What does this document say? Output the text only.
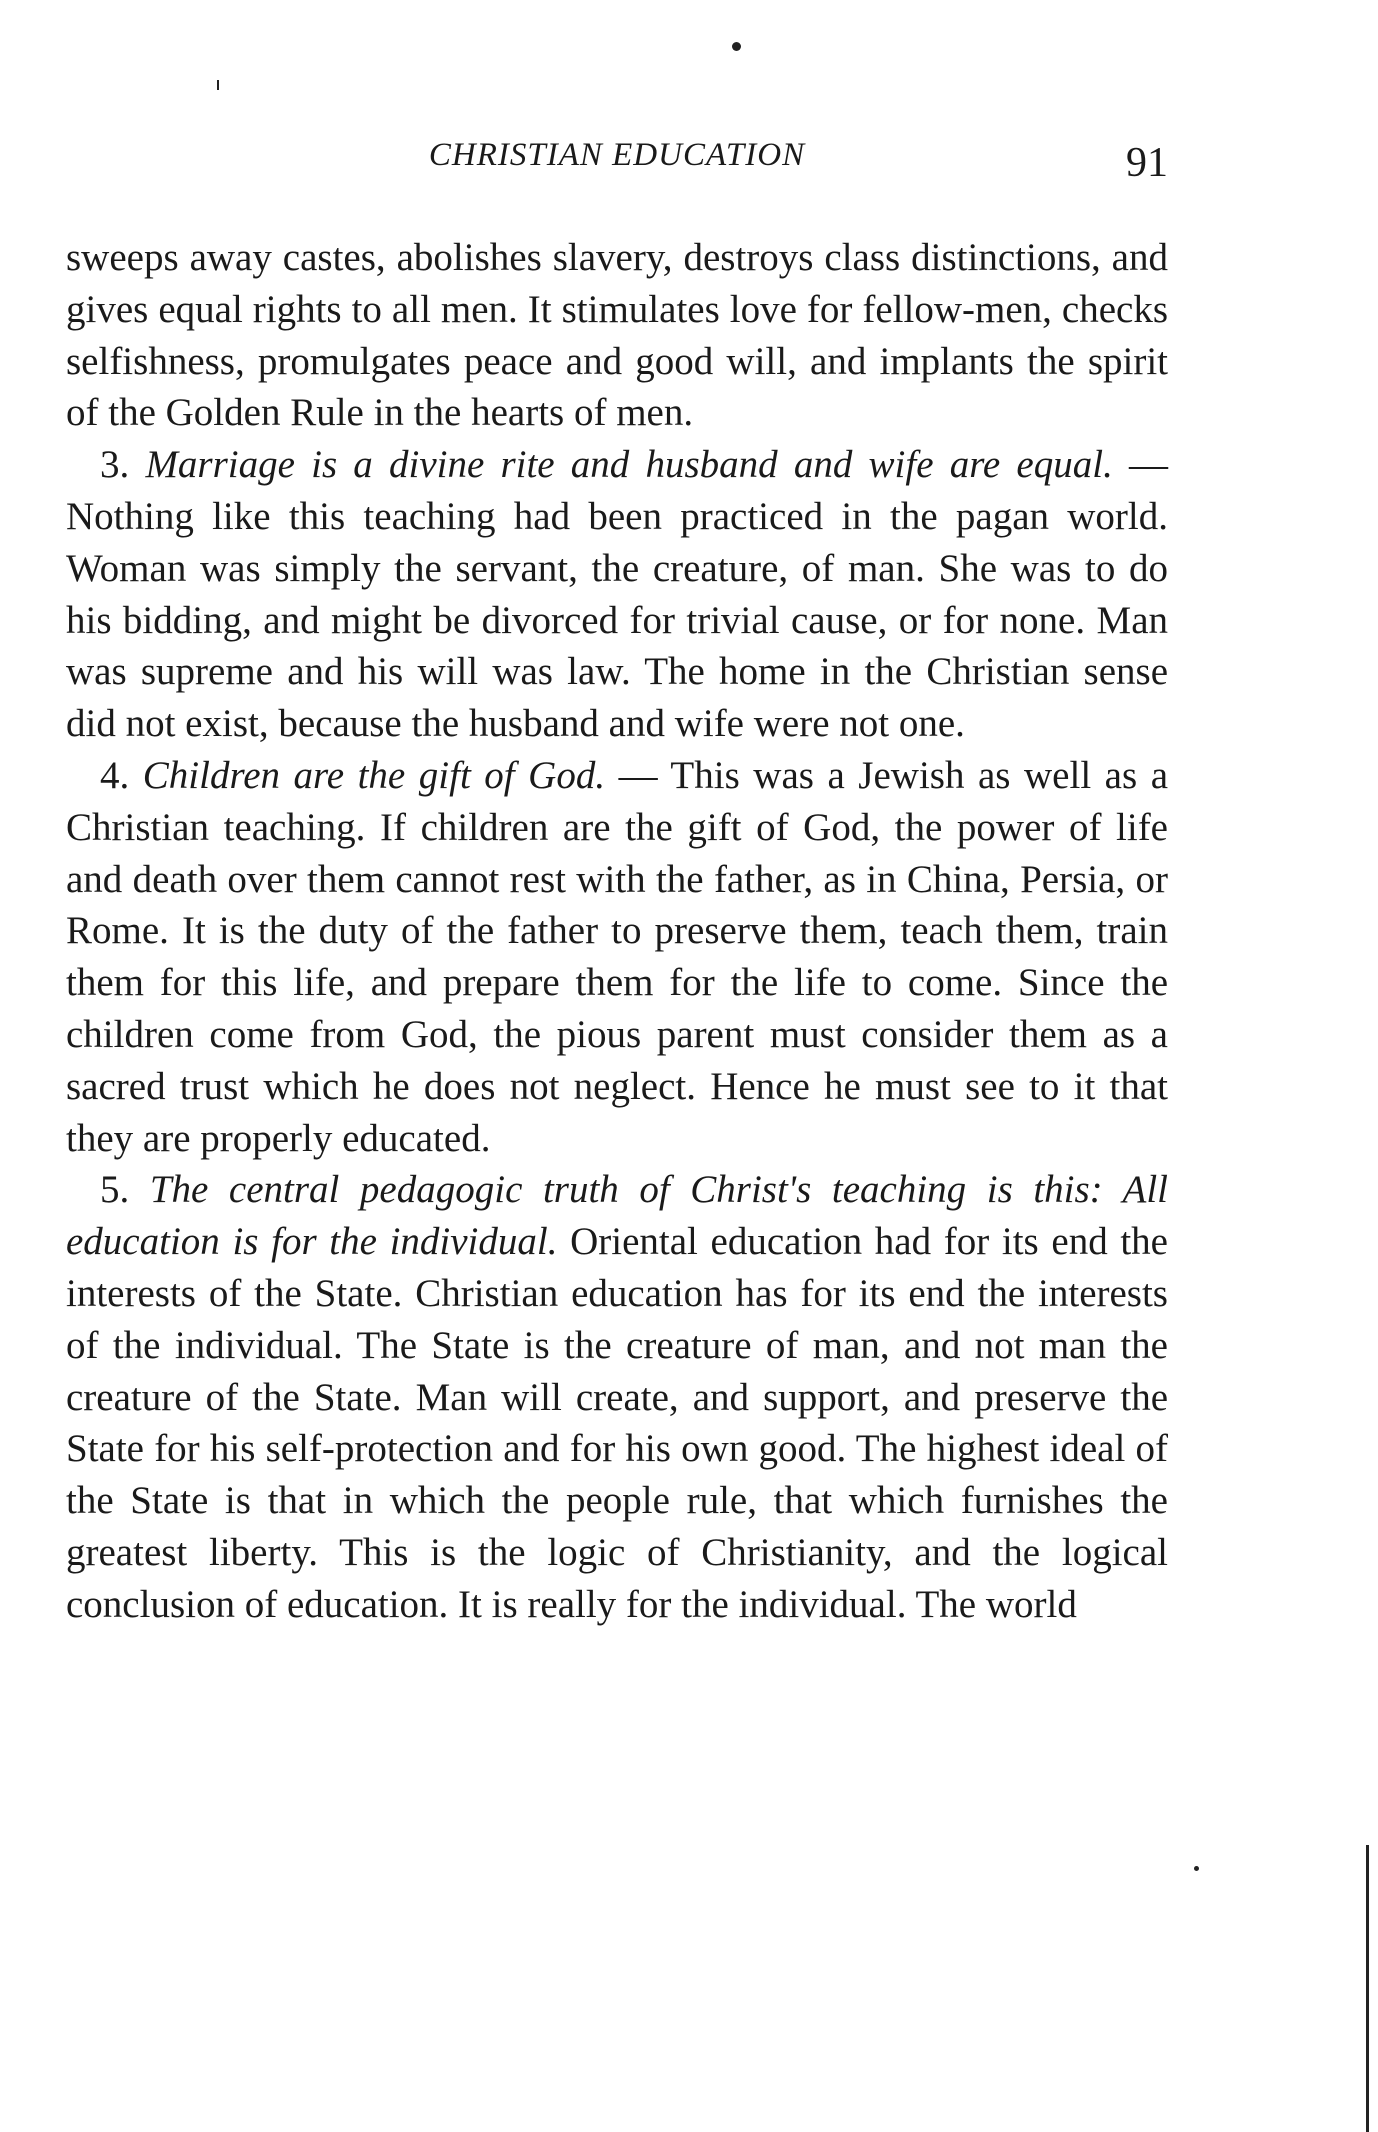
CHRISTIAN EDUCATION	91

sweeps away castes, abolishes slavery, destroys class distinctions, and gives equal rights to all men. It stimulates love for fellow-men, checks selfishness, promulgates peace and good will, and implants the spirit of the Golden Rule in the hearts of men.

3. Marriage is a divine rite and husband and wife are equal. — Nothing like this teaching had been practiced in the pagan world. Woman was simply the servant, the creature, of man. She was to do his bidding, and might be divorced for trivial cause, or for none. Man was supreme and his will was law. The home in the Christian sense did not exist, because the husband and wife were not one.

4. Children are the gift of God. — This was a Jewish as well as a Christian teaching. If children are the gift of God, the power of life and death over them cannot rest with the father, as in China, Persia, or Rome. It is the duty of the father to preserve them, teach them, train them for this life, and prepare them for the life to come. Since the children come from God, the pious parent must consider them as a sacred trust which he does not neglect. Hence he must see to it that they are properly educated.

5. The central pedagogic truth of Christ's teaching is this: All education is for the individual. Oriental education had for its end the interests of the State. Christian education has for its end the interests of the individual. The State is the creature of man, and not man the creature of the State. Man will create, and support, and preserve the State for his self-protection and for his own good. The highest ideal of the State is that in which the people rule, that which furnishes the greatest liberty. This is the logic of Christianity, and the logical conclusion of education. It is really for the individual. The world
